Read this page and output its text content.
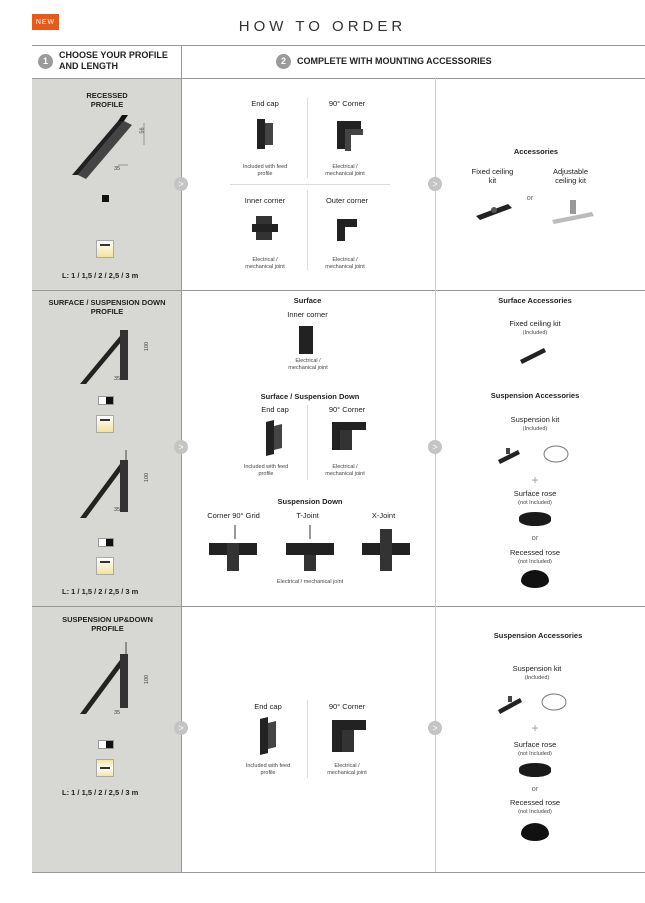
NEW	HOW TO ORDER
1
CHOOSE YOUR PROFILE AND LENGTH	2	COMPLETE WITH MOUNTING ACCESSORIES
RECESSED PROFILE
56
35
L: 1 / 1,5 / 2 / 2,5 / 3 m
>
End cap
Included with feed profile
90° Corner
Electrical / mechanical joint
Inner corner
Electrical / mechanical joint
Outer corner
Electrical / mechanical joint
>
Accessories
Fixed ceiling kit
or
Adjustable ceiling kit
SURFACE / SUSPENSION DOWN PROFILE
100
35
100
35
L: 1 / 1,5 / 2 / 2,5 / 3 m
>
Surface
Inner corner
Electrical / mechanical joint
Surface / Suspension Down
End cap
Included with feed profile
90° Corner
Electrical / mechanical joint
Suspension Down
Corner 90° Grid	T-Joint	X-Joint
Electrical / mechanical joint
>
Surface Accessories
Fixed ceiling kit
(Included)
Suspension Accessories
Suspension kit
(Included)
+
Surface rose
(not Included)
or
Recessed rose
(not Included)
SUSPENSION UP&DOWN PROFILE
100
35
L: 1 / 1,5 / 2 / 2,5 / 3 m
>
End cap
Included with feed profile
90° Corner
Electrical / mechanical joint
>
Suspension Accessories
Suspension kit
(Included)
+
Surface rose
(not Included)
or
Recessed rose
(not Included)
